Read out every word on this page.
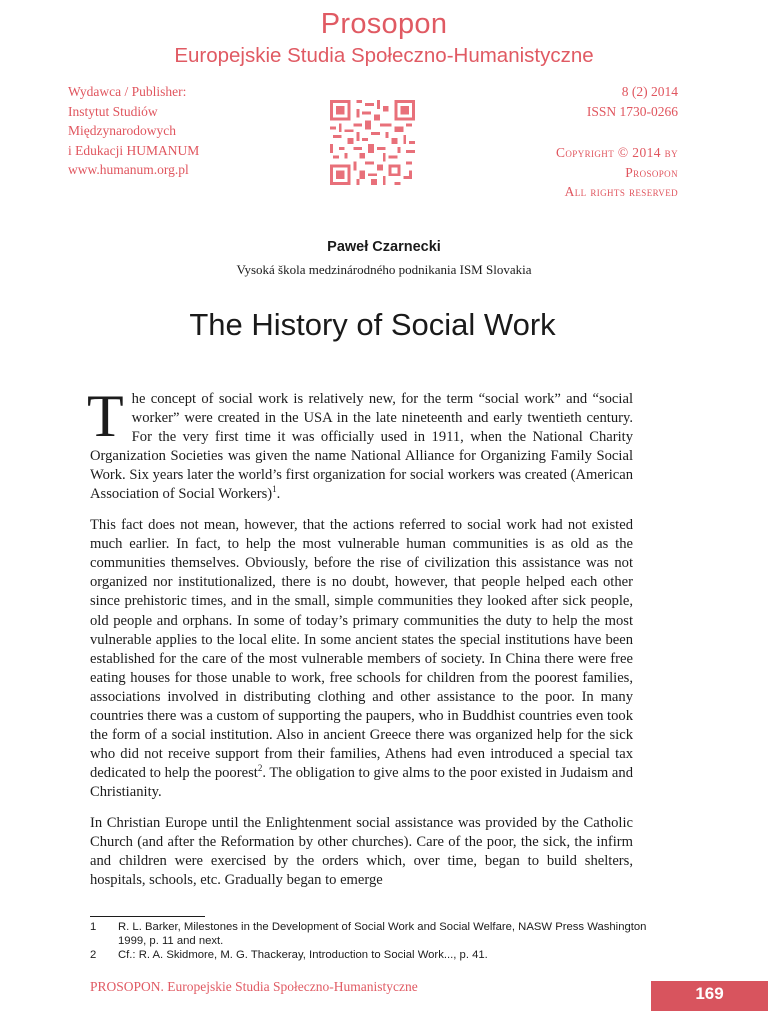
Prosopon
Europejskie Studia Społeczno-Humanistyczne
Wydawca / Publisher:
Instytut Studiów
Międzynarodowych
i Edukacji HUMANUM
www.humanum.org.pl
8 (2) 2014
ISSN 1730-0266
Copyright © 2014 by
Prosopon
All rights reserved
Paweł Czarnecki
Vysoká škola medzinárodného podnikania ISM Slovakia
The History of Social Work

The concept of social work is relatively new, for the term “social work” and “social worker” were created in the USA in the late nineteenth and early twentieth century. For the very first time it was officially used in 1911, when the National Charity Organization Societies was given the name National Alliance for Organizing Family Social Work. Six years later the world’s first organization for social workers was created (American Association of Social Workers)$^1$.

This fact does not mean, however, that the actions referred to social work had not existed much earlier. In fact, to help the most vulnerable human communities is as old as the communities themselves. Obviously, before the rise of civilization this assistance was not organized nor institutionalized, there is no doubt, however, that people helped each other since prehistoric times, and in the small, simple communities they looked after sick people, old people and orphans. In some of today’s primary communities the duty to help the most vulnerable applies to the local elite. In some ancient states the special institutions have been established for the care of the most vulnerable members of society. In China there were free eating houses for those unable to work, free schools for children from the poorest families, associations involved in distributing clothing and other assistance to the poor. In many countries there was a custom of supporting the paupers, who in Buddhist countries even took the form of a social institution. Also in ancient Greece there was organized help for the sick who did not receive support from their families, Athens had even introduced a special tax dedicated to help the poorest$^2$. The obligation to give alms to the poor existed in Judaism and Christianity.

In Christian Europe until the Enlightenment social assistance was provided by the Catholic Church (and after the Reformation by other churches). Care of the poor, the sick, the infirm and children were exercised by the orders which, over time, began to build shelters, hospitals, schools, etc. Gradually began to emerge

1	R. L. Barker, Milestones in the Development of Social Work and Social Welfare, NASW Press Washington 1999, p. 11 and next.
2	Cf.: R. A. Skidmore, M. G. Thackeray, Introduction to Social Work..., p. 41.
PROSOPON. Europejskie Studia Społeczno-Humanistyczne	169
